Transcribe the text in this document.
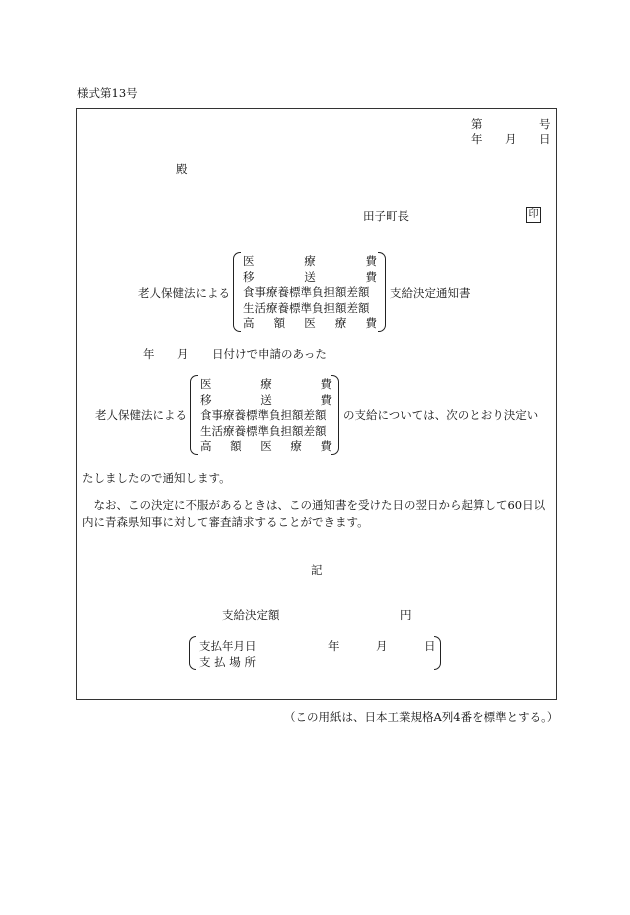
様式第13号
第	号
年 月 日
殿
田子町長	印
老人保健法による
医	療	費
移	送	費
食事療養標準負担額差額
生活療養標準負担額差額
高 額 医 療 費
支給決定通知書
年 月 日付けで申請のあった
老人保健法による
医	療	費
移	送	費
食事療養標準負担額差額
生活療養標準負担額差額
高 額 医 療 費
の支給については、次のとおり決定い
たしましたので通知します。
　なお、この決定に不服があるときは、この通知書を受けた日の翌日から起算して60日以
内に青森県知事に対して審査請求することができます。
記
支給決定額	円
支払年月日	年	月	日
支 払 場 所
（この用紙は、日本工業規格A列4番を標準とする。）
